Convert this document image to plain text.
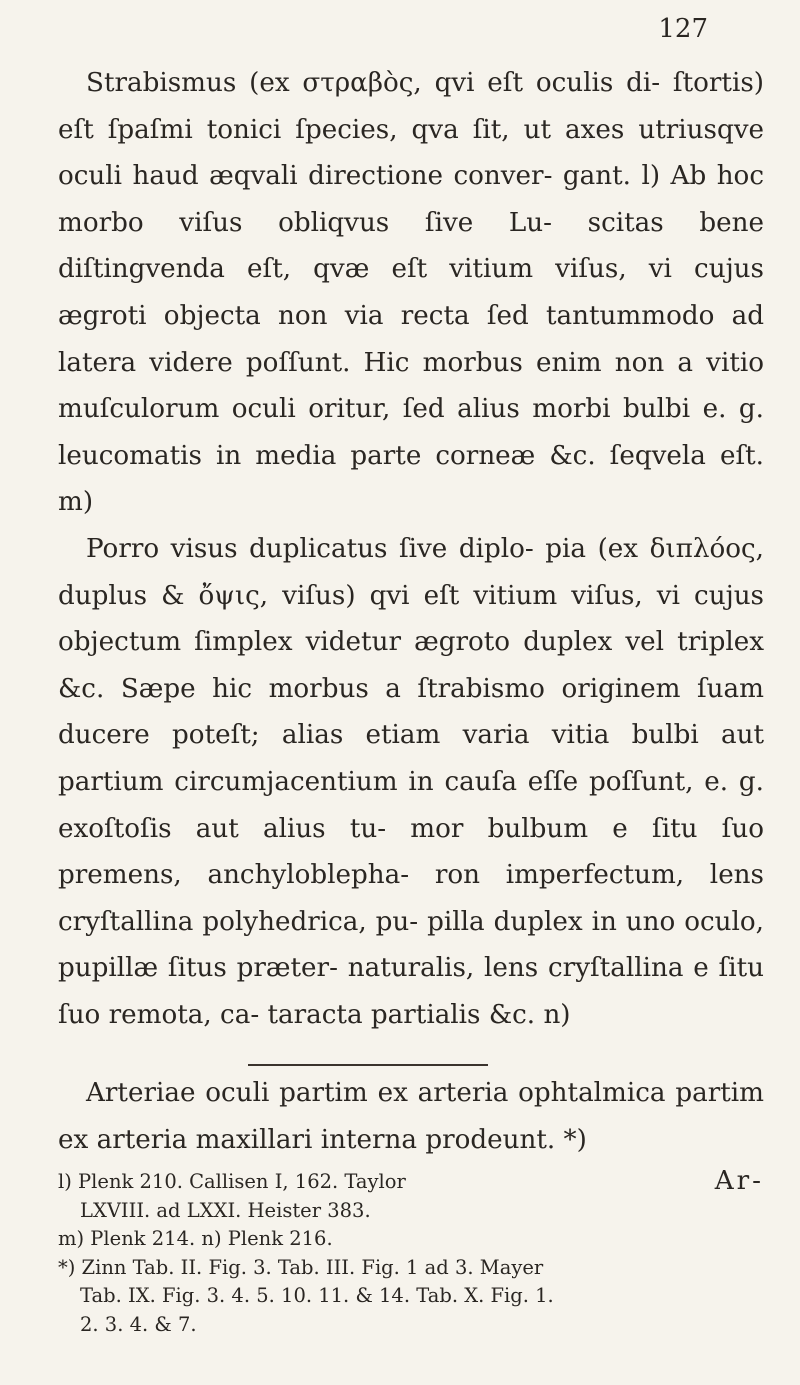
127

Strabismus (ex στραβὸς, qvi eſt oculis di- ſtortis) eſt ſpaſmi tonici ſpecies, qva ſit, ut axes utriusqve oculi haud æqvali directione conver- gant. l) Ab hoc morbo viſus obliqvus ſive Lu- scitas bene diſtingvenda eſt, qvæ eſt vitium viſus, vi cujus ægroti objecta non via recta ſed tantummodo ad latera videre poſſunt. Hic morbus enim non a vitio muſculorum oculi oritur, ſed alius morbi bulbi e. g. leucomatis in media parte corneæ &c. ſeqvela eſt. m)

Porro visus duplicatus ſive diplo- pia (ex διπλόος, duplus & ὄψις, viſus) qvi eſt vitium viſus, vi cujus objectum ſimplex videtur ægroto duplex vel triplex &c. Sæpe hic morbus a ſtrabismo originem ſuam ducere poteſt; alias etiam varia vitia bulbi aut partium circumjacentium in cauſa eſſe poſſunt, e. g. exoſtoſis aut alius tu- mor bulbum e ſitu ſuo premens, anchyloblepha- ron imperfectum, lens cryſtallina polyhedrica, pu- pilla duplex in uno oculo, pupillæ ſitus præter- naturalis, lens cryſtallina e ſitu ſuo remota, ca- taracta partialis &c. n)

Arteriae oculi partim ex arteria ophtalmica partim ex arteria maxillari interna prodeunt. *)

Ar-
l) Plenk 210. Callisen I, 162. Taylor
LXVIII. ad LXXI. Heister 383.
m) Plenk 214. n) Plenk 216.
*) Zinn Tab. II. Fig. 3. Tab. III. Fig. 1 ad 3. Mayer
Tab. IX. Fig. 3. 4. 5. 10. 11. & 14. Tab. X. Fig. 1.
2. 3. 4. & 7.
